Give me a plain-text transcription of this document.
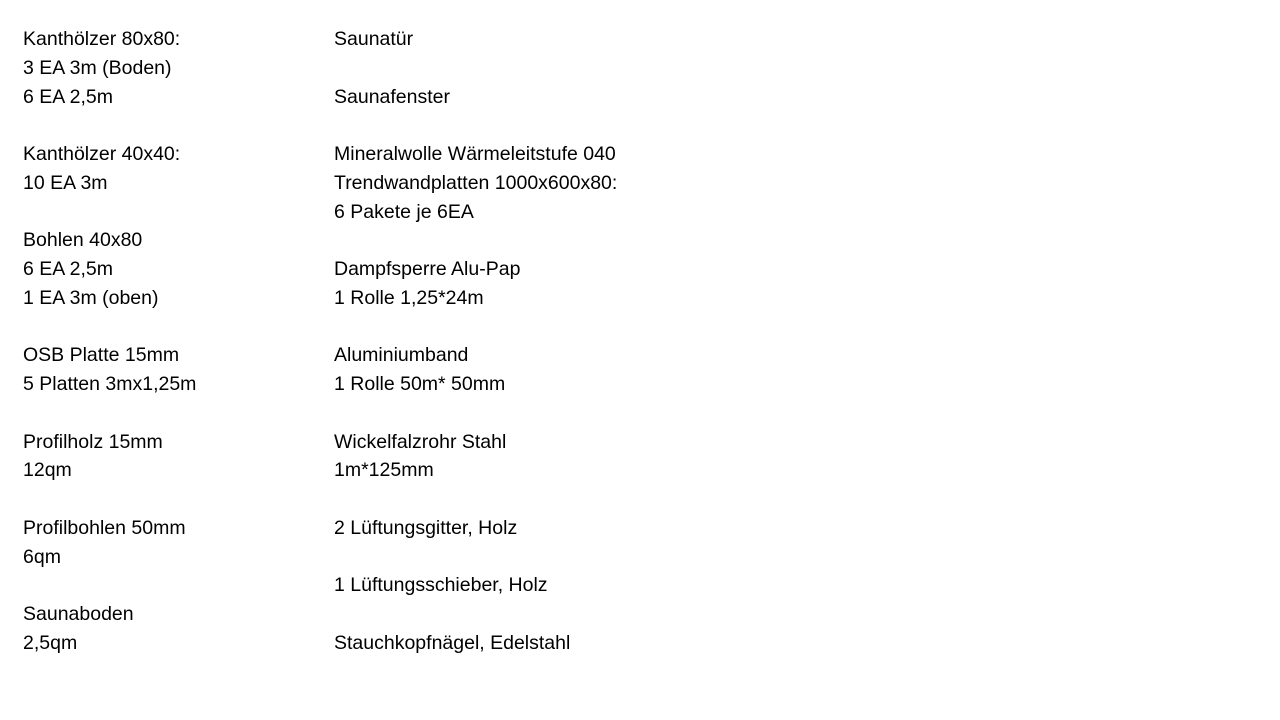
Kanthölzer 80x80:
3 EA 3m (Boden)
6 EA 2,5m
Kanthölzer 40x40:
10 EA 3m
Bohlen 40x80
6 EA 2,5m
1 EA 3m (oben)
OSB Platte 15mm
5 Platten 3mx1,25m
Profilholz 15mm
12qm
Profilbohlen 50mm
6qm
Saunaboden
2,5qm
Saunatür
Saunafenster
Mineralwolle Wärmeleitstufe 040
Trendwandplatten 1000x600x80:
6 Pakete je 6EA
Dampfsperre Alu-Pap
1 Rolle 1,25*24m
Aluminiumband
1 Rolle 50m* 50mm
Wickelfalzrohr Stahl
1m*125mm
2 Lüftungsgitter, Holz
1 Lüftungsschieber, Holz
Stauchkopfnägel, Edelstahl
